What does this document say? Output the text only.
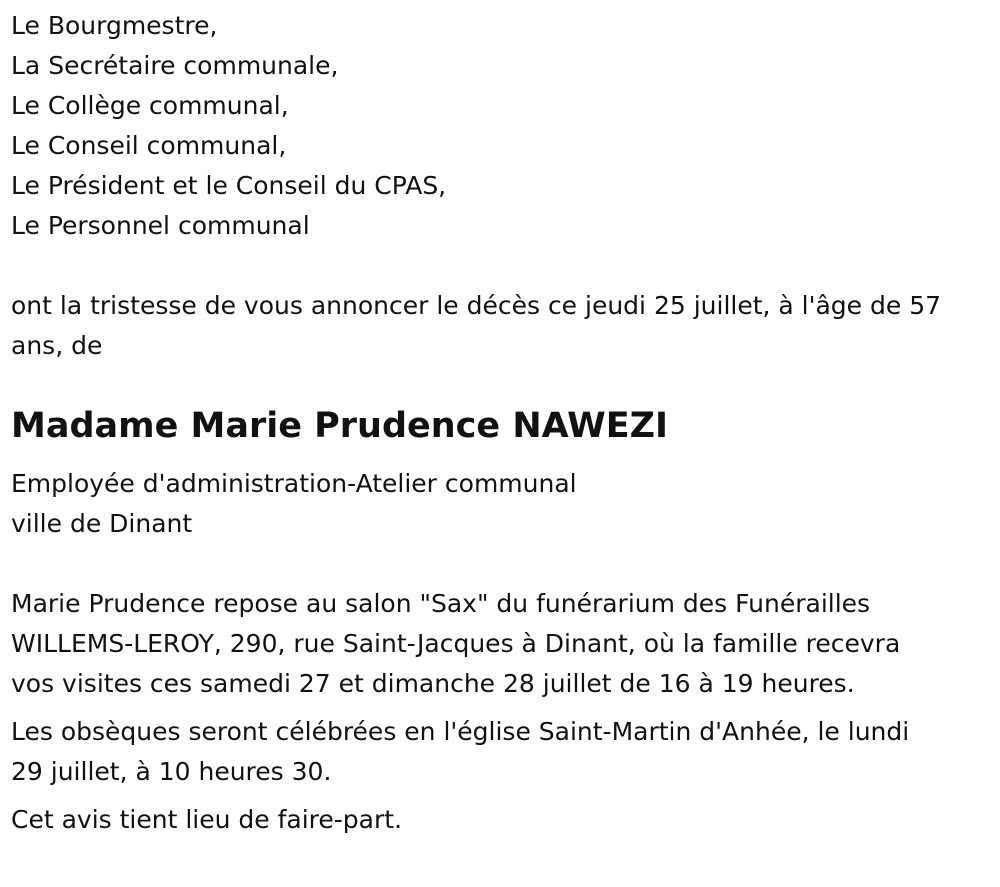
Le Bourgmestre,
La Secrétaire communale,
Le Collège communal,
Le Conseil communal,
Le Président et le Conseil du CPAS,
Le Personnel communal
ont la tristesse de vous annoncer le décès ce jeudi 25 juillet, à l'âge de 57
ans, de
Madame Marie Prudence NAWEZI
Employée d'administration-Atelier communal
ville de Dinant
Marie Prudence repose au salon "Sax" du funérarium des Funérailles
WILLEMS-LEROY, 290, rue Saint-Jacques à Dinant, où la famille recevra
vos visites ces samedi 27 et dimanche 28 juillet de 16 à 19 heures.
Les obsèques seront célébrées en l'église Saint-Martin d'Anhée, le lundi
29 juillet, à 10 heures 30.
Cet avis tient lieu de faire-part.
